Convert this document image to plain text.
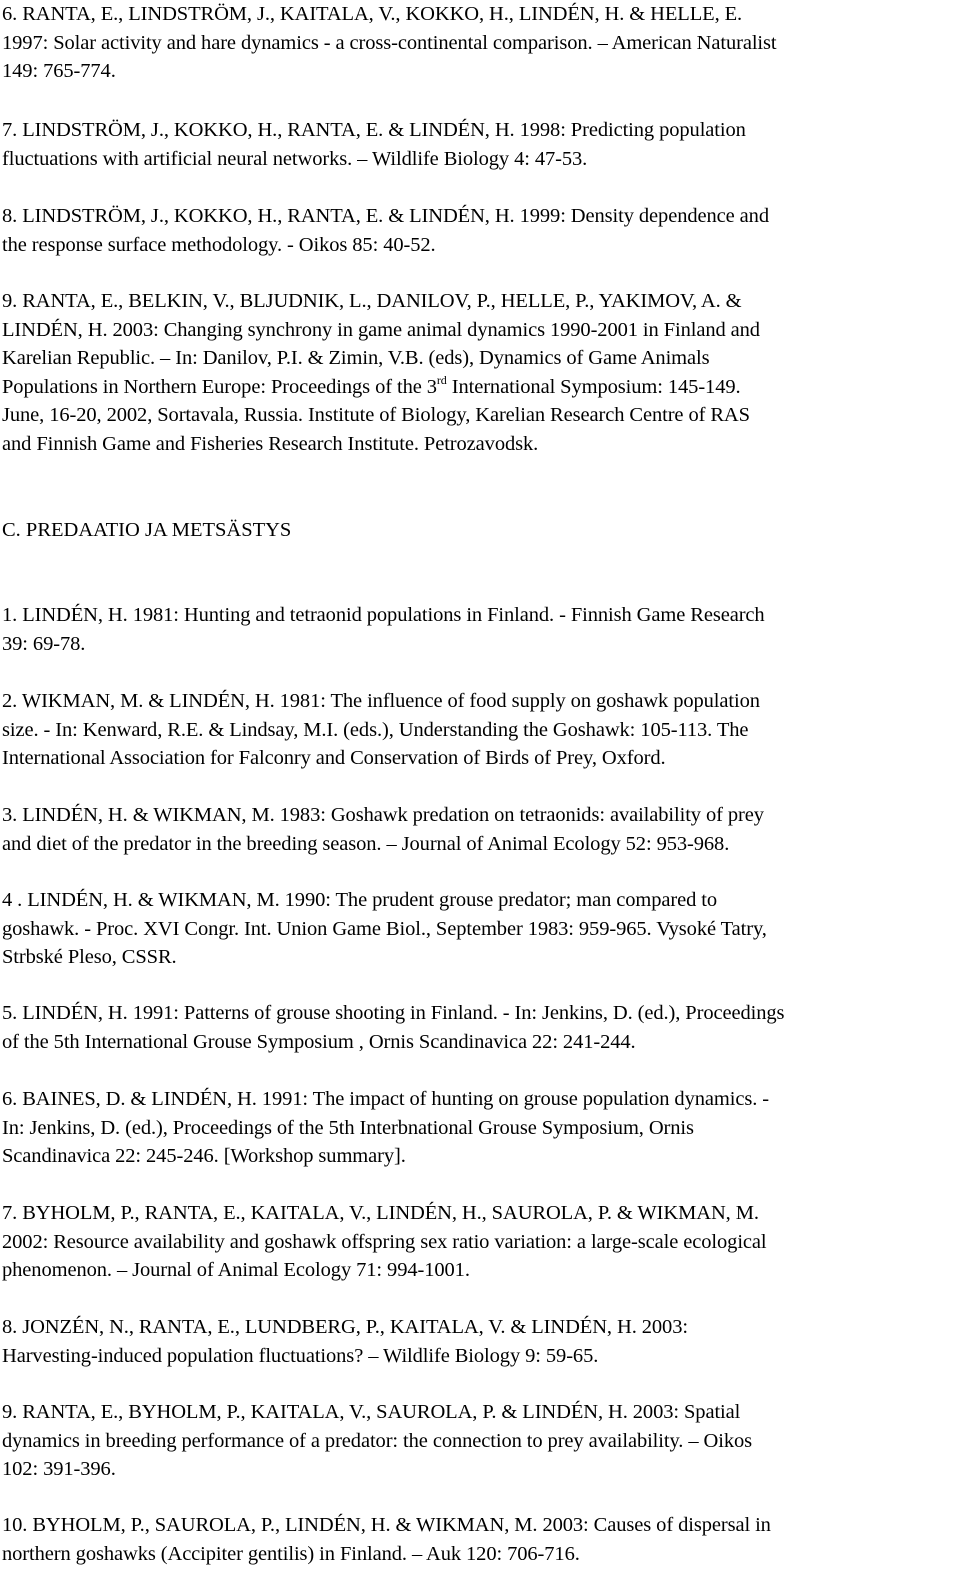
6. RANTA, E., LINDSTRÖM, J., KAITALA, V., KOKKO, H., LINDÉN, H. & HELLE, E.
1997: Solar activity and hare dynamics - a cross-continental comparison. – American Naturalist
149: 765-774.
7. LINDSTRÖM, J., KOKKO, H., RANTA, E. & LINDÉN, H. 1998: Predicting population
fluctuations with artificial neural networks. – Wildlife Biology 4: 47-53.
8. LINDSTRÖM, J., KOKKO, H., RANTA, E. & LINDÉN, H. 1999: Density dependence and
the response surface methodology. - Oikos 85: 40-52.
9. RANTA, E., BELKIN, V., BLJUDNIK, L., DANILOV, P., HELLE, P., YAKIMOV, A. &
LINDÉN, H. 2003: Changing synchrony in game animal dynamics 1990-2001 in Finland and
Karelian Republic. – In: Danilov, P.I. & Zimin, V.B. (eds), Dynamics of Game Animals
Populations in Northern Europe: Proceedings of the 3rd International Symposium: 145-149.
June, 16-20, 2002, Sortavala, Russia. Institute of Biology, Karelian Research Centre of RAS
and Finnish Game and Fisheries Research Institute. Petrozavodsk.
C. PREDAATIO JA METSÄSTYS
1. LINDÉN, H. 1981: Hunting and tetraonid populations in Finland. - Finnish Game Research
39: 69-78.
2. WIKMAN, M. & LINDÉN, H. 1981: The influence of food supply on goshawk population
size. - In: Kenward, R.E. & Lindsay, M.I. (eds.), Understanding the Goshawk: 105-113. The
International Association for Falconry and Conservation of Birds of Prey, Oxford.
3. LINDÉN, H. & WIKMAN, M. 1983: Goshawk predation on tetraonids: availability of prey
and diet of the predator in the breeding season. – Journal of Animal Ecology 52: 953-968.
4 . LINDÉN, H. & WIKMAN, M. 1990: The prudent grouse predator; man compared to
goshawk. - Proc. XVI Congr. Int. Union Game Biol., September 1983: 959-965. Vysoké Tatry,
Strbské Pleso, CSSR.
5. LINDÉN, H. 1991: Patterns of grouse shooting in Finland. - In: Jenkins, D. (ed.), Proceedings
of the 5th International Grouse Symposium , Ornis Scandinavica 22: 241-244.
6. BAINES, D. & LINDÉN, H. 1991: The impact of hunting on grouse population dynamics. -
In: Jenkins, D. (ed.), Proceedings of the 5th Interbnational Grouse Symposium, Ornis
Scandinavica 22: 245-246. [Workshop summary].
7. BYHOLM, P., RANTA, E., KAITALA, V., LINDÉN, H., SAUROLA, P. & WIKMAN, M.
2002: Resource availability and goshawk offspring sex ratio variation: a large-scale ecological
phenomenon. – Journal of Animal Ecology 71: 994-1001.
8. JONZÉN, N., RANTA, E., LUNDBERG, P., KAITALA, V. & LINDÉN, H. 2003:
Harvesting-induced population fluctuations? – Wildlife Biology 9: 59-65.
9. RANTA, E., BYHOLM, P., KAITALA, V., SAUROLA, P. & LINDÉN, H. 2003: Spatial
dynamics in breeding performance of a predator: the connection to prey availability. – Oikos
102: 391-396.
10. BYHOLM, P., SAUROLA, P., LINDÉN, H. & WIKMAN, M. 2003: Causes of dispersal in
northern goshawks (Accipiter gentilis) in Finland. – Auk 120: 706-716.
